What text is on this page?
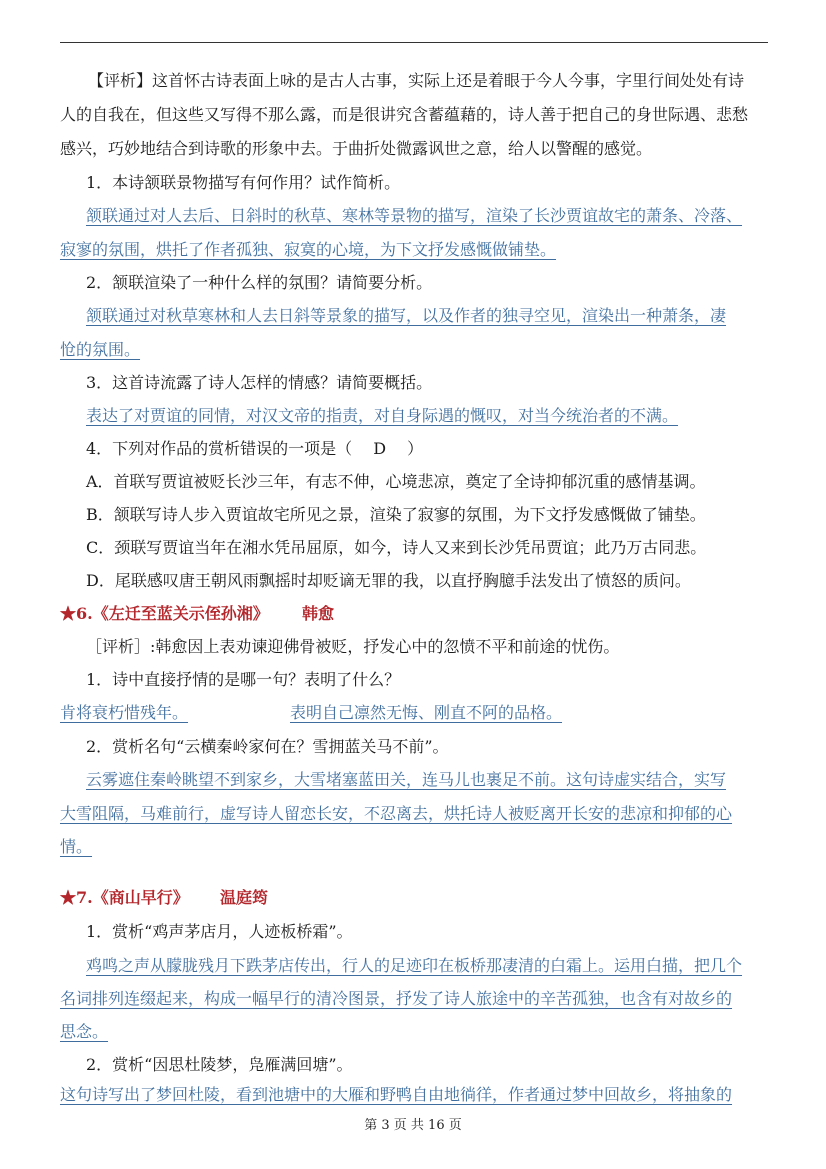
【评析】这首怀古诗表面上咏的是古人古事，实际上还是着眼于今人今事，字里行间处处有诗
人的自我在，但这些又写得不那么露，而是很讲究含蓄蕴藉的，诗人善于把自己的身世际遇、悲愁
感兴，巧妙地结合到诗歌的形象中去。于曲折处微露讽世之意，给人以警醒的感觉。
1．本诗颔联景物描写有何作用？试作简析。
颔联通过对人去后、日斜时的秋草、寒林等景物的描写，渲染了长沙贾谊故宅的萧条、冷落、
寂寥的氛围，烘托了作者孤独、寂寞的心境，为下文抒发感慨做铺垫。
2．颔联渲染了一种什么样的氛围？请简要分析。
颔联通过对秋草寒林和人去日斜等景象的描写，以及作者的独寻空见，渲染出一种萧条，凄
怆的氛围。
3．这首诗流露了诗人怎样的情感？请简要概括。
表达了对贾谊的同情，对汉文帝的指责，对自身际遇的慨叹，对当今统治者的不满。
4．下列对作品的赏析错误的一项是（　 D　 ）
A．首联写贾谊被贬长沙三年，有志不伸，心境悲凉，奠定了全诗抑郁沉重的感情基调。
B．颔联写诗人步入贾谊故宅所见之景，渲染了寂寥的氛围，为下文抒发感慨做了铺垫。
C．颈联写贾谊当年在湘水凭吊屈原，如今，诗人又来到长沙凭吊贾谊；此乃万古同悲。
D．尾联感叹唐王朝风雨飘摇时却贬谪无罪的我，以直抒胸臆手法发出了愤怒的质问。
★6.《左迁至蓝关示侄孙湘》 韩愈
［评析］:韩愈因上表劝谏迎佛骨被贬，抒发心中的忽愤不平和前途的忧伤。
1．诗中直接抒情的是哪一句？表明了什么？
肯将衰朽惜残年。	表明自己凛然无悔、刚直不阿的品格。
2．赏析名句“云横秦岭家何在？雪拥蓝关马不前”。
云雾遮住秦岭眺望不到家乡，大雪堵塞蓝田关，连马儿也裹足不前。这句诗虚实结合，实写
大雪阻隔，马难前行，虚写诗人留恋长安，不忍离去，烘托诗人被贬离开长安的悲凉和抑郁的心
情。
★7.《商山早行》 温庭筠
1．赏析“鸡声茅店月，人迹板桥霜”。
鸡鸣之声从朦胧残月下跌茅店传出，行人的足迹印在板桥那凄清的白霜上。运用白描，把几个
名词排列连缀起来，构成一幅早行的清冷图景，抒发了诗人旅途中的辛苦孤独，也含有对故乡的
思念。
2．赏析“因思杜陵梦，凫雁满回塘”。
这句诗写出了梦回杜陵，看到池塘中的大雁和野鸭自由地徜徉，作者通过梦中回故乡，将抽象的
第 3 页 共 16 页
